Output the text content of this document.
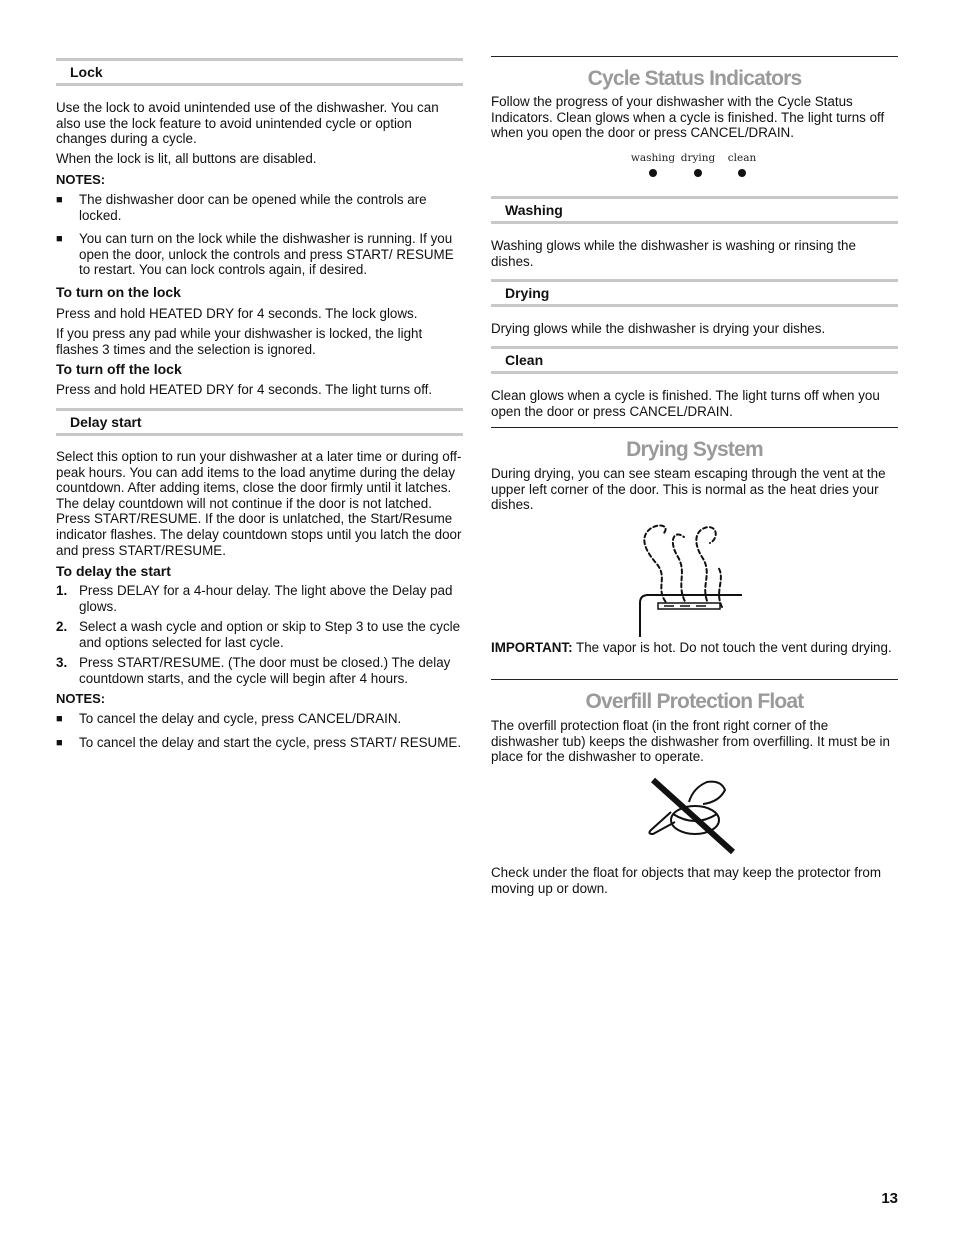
Lock

Use the lock to avoid unintended use of the dishwasher. You can also use the lock feature to avoid unintended cycle or option changes during a cycle.

When the lock is lit, all buttons are disabled.

NOTES:

■ The dishwasher door can be opened while the controls are locked.
■ You can turn on the lock while the dishwasher is running. If you open the door, unlock the controls and press START/ RESUME to restart. You can lock controls again, if desired.

To turn on the lock

Press and hold HEATED DRY for 4 seconds. The lock glows.

If you press any pad while your dishwasher is locked, the light flashes 3 times and the selection is ignored.

To turn off the lock

Press and hold HEATED DRY for 4 seconds. The light turns off.

Delay start

Select this option to run your dishwasher at a later time or during off-peak hours. You can add items to the load anytime during the delay countdown. After adding items, close the door firmly until it latches. The delay countdown will not continue if the door is not latched. Press START/RESUME. If the door is unlatched, the Start/Resume indicator flashes. The delay countdown stops until you latch the door and press START/RESUME.

To delay the start

1. Press DELAY for a 4-hour delay. The light above the Delay pad glows.
2. Select a wash cycle and option or skip to Step 3 to use the cycle and options selected for last cycle.
3. Press START/RESUME. (The door must be closed.) The delay countdown starts, and the cycle will begin after 4 hours.

NOTES:

■ To cancel the delay and cycle, press CANCEL/DRAIN.
■ To cancel the delay and start the cycle, press START/ RESUME.
Cycle Status Indicators

Follow the progress of your dishwasher with the Cycle Status Indicators. Clean glows when a cycle is finished. The light turns off when you open the door or press CANCEL/DRAIN.

washing drying clean
Washing

Washing glows while the dishwasher is washing or rinsing the dishes.

Drying

Drying glows while the dishwasher is drying your dishes.

Clean

Clean glows when a cycle is finished. The light turns off when you open the door or press CANCEL/DRAIN.

Drying System

During drying, you can see steam escaping through the vent at the upper left corner of the door. This is normal as the heat dries your dishes.

IMPORTANT: The vapor is hot. Do not touch the vent during drying.

Overfill Protection Float

The overfill protection float (in the front right corner of the dishwasher tub) keeps the dishwasher from overfilling. It must be in place for the dishwasher to operate.

Check under the float for objects that may keep the protector from moving up or down.

13
